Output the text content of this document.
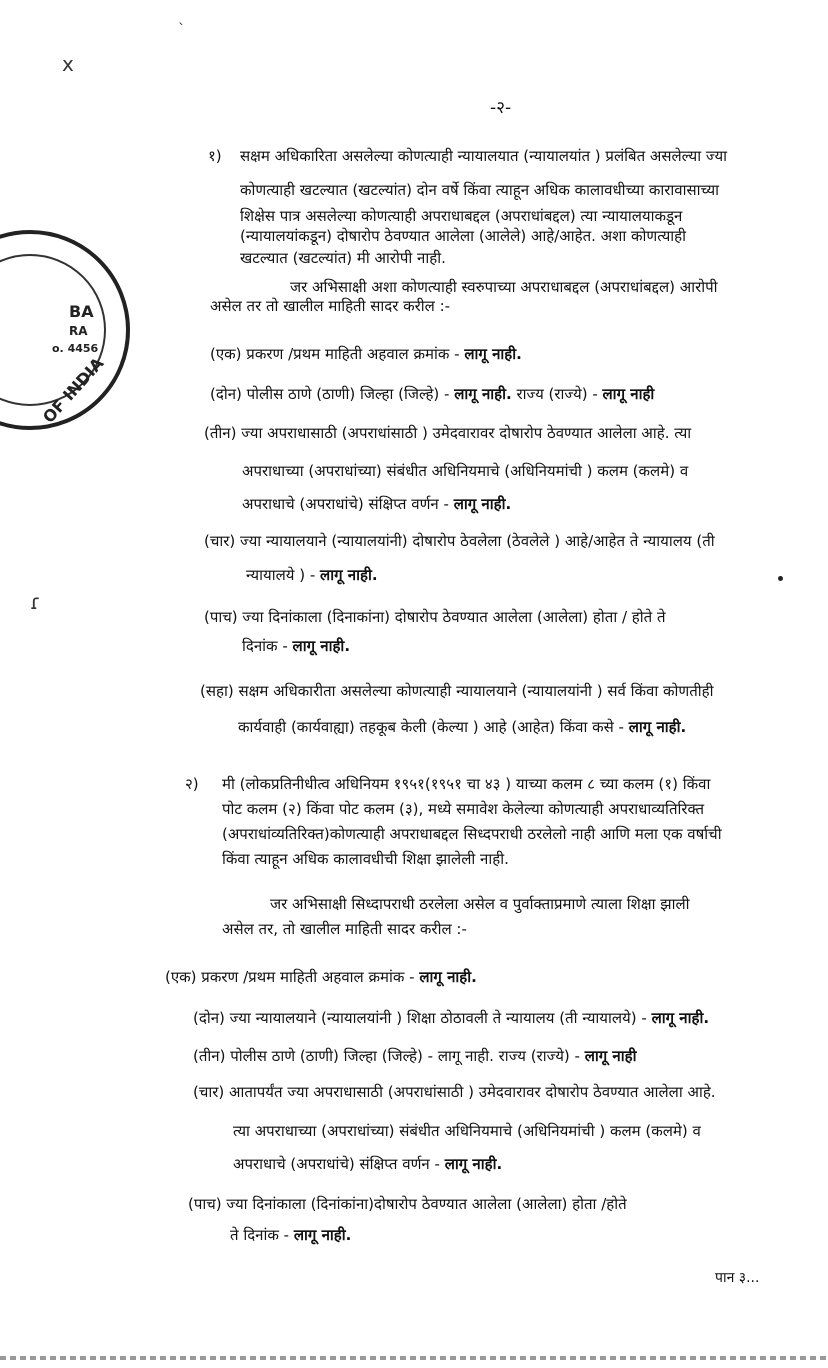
ˋ
ⅹ
ɾ
BA
RA
o. 4456
OF INDIA
-२-
१) सक्षम अधिकारिता असलेल्या कोणत्याही न्यायालयात (न्यायालयांत ) प्रलंबित असलेल्या ज्या
कोणत्याही खटल्यात (खटल्यांत) दोन वर्षे किंवा त्याहून अधिक कालावधीच्या कारावासाच्या
शिक्षेस पात्र असलेल्या कोणत्याही अपराधाबद्दल (अपराधांबद्दल) त्या न्यायालयाकडून
(न्यायालयांकडून) दोषारोप ठेवण्यात आलेला (आलेले) आहे/आहेत. अशा कोणत्याही
खटल्यात (खटल्यांत) मी आरोपी नाही.
जर अभिसाक्षी अशा कोणत्याही स्वरुपाच्या अपराधाबद्दल (अपराधांबद्दल) आरोपी
असेल तर तो खालील माहिती सादर करील :-
(एक) प्रकरण /प्रथम माहिती अहवाल क्रमांक - लागू नाही.
(दोन) पोलीस ठाणे (ठाणी) जिल्हा (जिल्हे) - लागू नाही. राज्य (राज्ये) - लागू नाही
(तीन) ज्या अपराधासाठी (अपराधांसाठी ) उमेदवारावर दोषारोप ठेवण्यात आलेला आहे. त्या
अपराधाच्या (अपराधांच्या) संबंधीत अधिनियमाचे (अधिनियमांची ) कलम (कलमे) व
अपराधाचे (अपराधांचे) संक्षिप्त वर्णन - लागू नाही.
(चार) ज्या न्यायालयाने (न्यायालयांनी) दोषारोप ठेवलेला (ठेवलेले ) आहे/आहेत ते न्यायालय (ती
न्यायालये ) - लागू नाही.
(पाच) ज्या दिनांकाला (दिनाकांना) दोषारोप ठेवण्यात आलेला (आलेला) होता / होते ते
दिनांक - लागू नाही.
(सहा) सक्षम अधिकारीता असलेल्या कोणत्याही न्यायालयाने (न्यायालयांनी ) सर्व किंवा कोणतीही
कार्यवाही (कार्यवाह्या) तहकूब केली (केल्या ) आहे (आहेत) किंवा कसे - लागू नाही.
२) मी (लोकप्रतिनीधीत्व अधिनियम १९५१(१९५१ चा ४३ ) याच्या कलम ८ च्या कलम (१) किंवा
पोट कलम (२) किंवा पोट कलम (३), मध्ये समावेश केलेल्या कोणत्याही अपराधाव्यतिरिक्त
(अपराधांव्यतिरिक्त)कोणत्याही अपराधाबद्दल सिध्दपराधी ठरलेलो नाही आणि मला एक वर्षाची
किंवा त्याहून अधिक कालावधीची शिक्षा झालेली नाही.
जर अभिसाक्षी सिध्दापराधी ठरलेला असेल व पुर्वाक्ताप्रमाणे त्याला शिक्षा झाली
असेल तर, तो खालील माहिती सादर करील :-
(एक) प्रकरण /प्रथम माहिती अहवाल क्रमांक - लागू नाही.
(दोन) ज्या न्यायालयाने (न्यायालयांनी ) शिक्षा ठोठावली ते न्यायालय (ती न्यायालये) - लागू नाही.
(तीन) पोलीस ठाणे (ठाणी) जिल्हा (जिल्हे) - लागू नाही. राज्य (राज्ये) - लागू नाही
(चार) आतापर्यंत ज्या अपराधासाठी (अपराधांसाठी ) उमेदवारावर दोषारोप ठेवण्यात आलेला आहे.
त्या अपराधाच्या (अपराधांच्या) संबंधीत अधिनियमाचे (अधिनियमांची ) कलम (कलमे) व
अपराधाचे (अपराधांचे) संक्षिप्त वर्णन - लागू नाही.
(पाच) ज्या दिनांकाला (दिनांकांना)दोषारोप ठेवण्यात आलेला (आलेला) होता /होते
ते दिनांक - लागू नाही.
पान ३...
